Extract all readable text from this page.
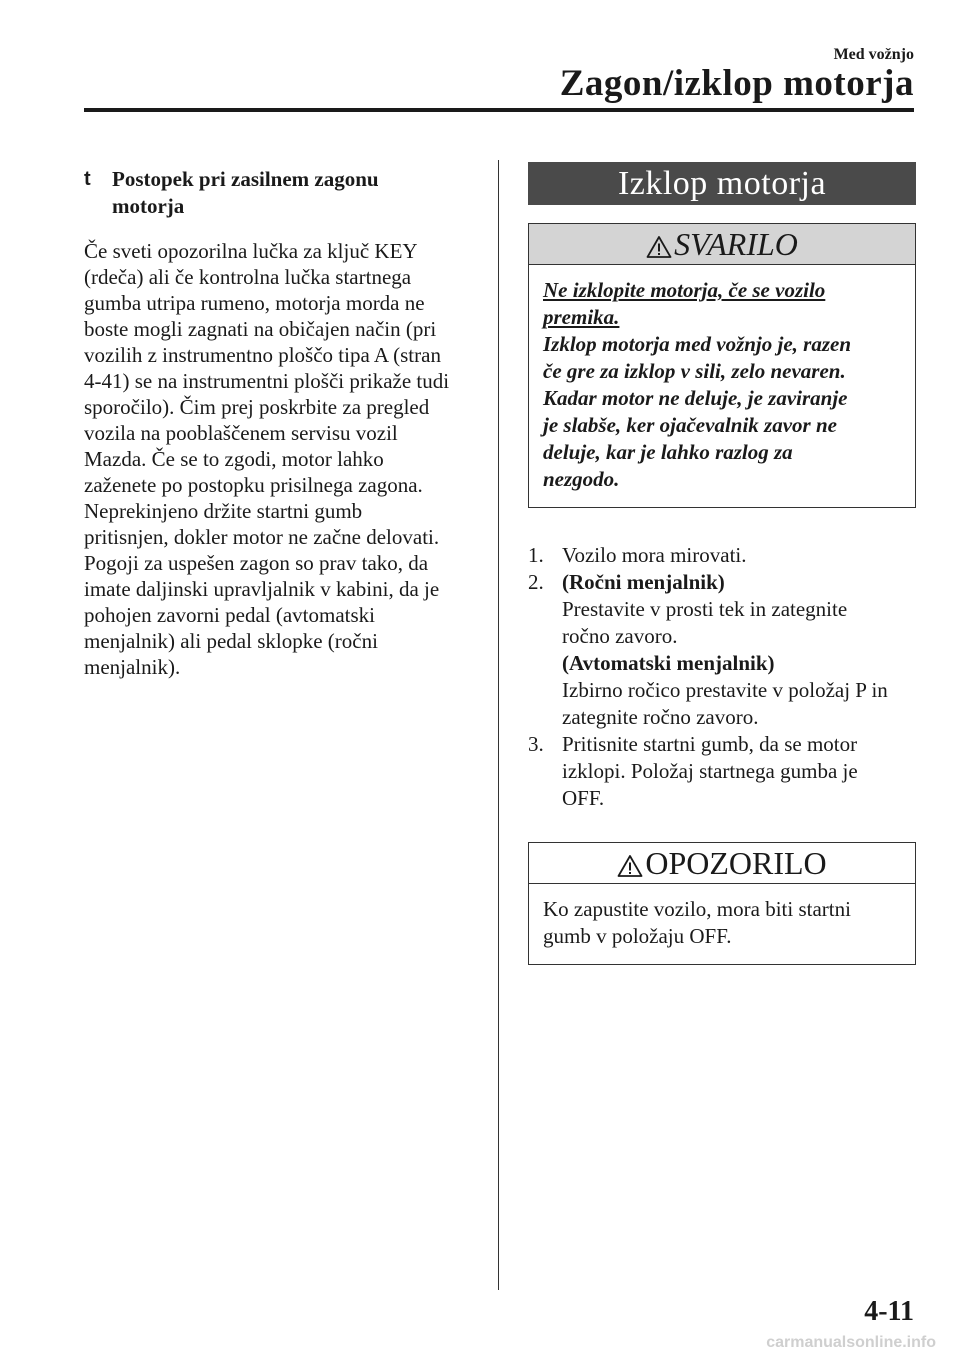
Med vožnjo
Zagon/izklop motorja
t Postopek pri zasilnem zagonu
motorja

Če sveti opozorilna lučka za ključ KEY
(rdeča) ali če kontrolna lučka startnega
gumba utripa rumeno, motorja morda ne
boste mogli zagnati na običajen način (pri
vozilih z instrumentno ploščo tipa A (stran
4-41) se na instrumentni plošči prikaže tudi
sporočilo). Čim prej poskrbite za pregled
vozila na pooblaščenem servisu vozil
Mazda. Če se to zgodi, motor lahko
zaženete po postopku prisilnega zagona.
Neprekinjeno držite startni gumb
pritisnjen, dokler motor ne začne delovati.
Pogoji za uspešen zagon so prav tako, da
imate daljinski upravljalnik v kabini, da je
pohojen zavorni pedal (avtomatski
menjalnik) ali pedal sklopke (ročni
menjalnik).

Izklop motorja
SVARILO
Ne izklopite motorja, če se vozilo
premika.
Izklop motorja med vožnjo je, razen
če gre za izklop v sili, zelo nevaren.
Kadar motor ne deluje, je zaviranje
je slabše, ker ojačevalnik zavor ne
deluje, kar je lahko razlog za
nezgodo.
1. Vozilo mora mirovati.
2. (Ročni menjalnik)
Prestavite v prosti tek in zategnite
ročno zavoro.
(Avtomatski menjalnik)
Izbirno ročico prestavite v položaj P in
zategnite ročno zavoro.
3. Pritisnite startni gumb, da se motor
izklopi. Položaj startnega gumba je
OFF.
OPOZORILO
Ko zapustite vozilo, mora biti startni
gumb v položaju OFF.
4-11
carmanualsonline.info
